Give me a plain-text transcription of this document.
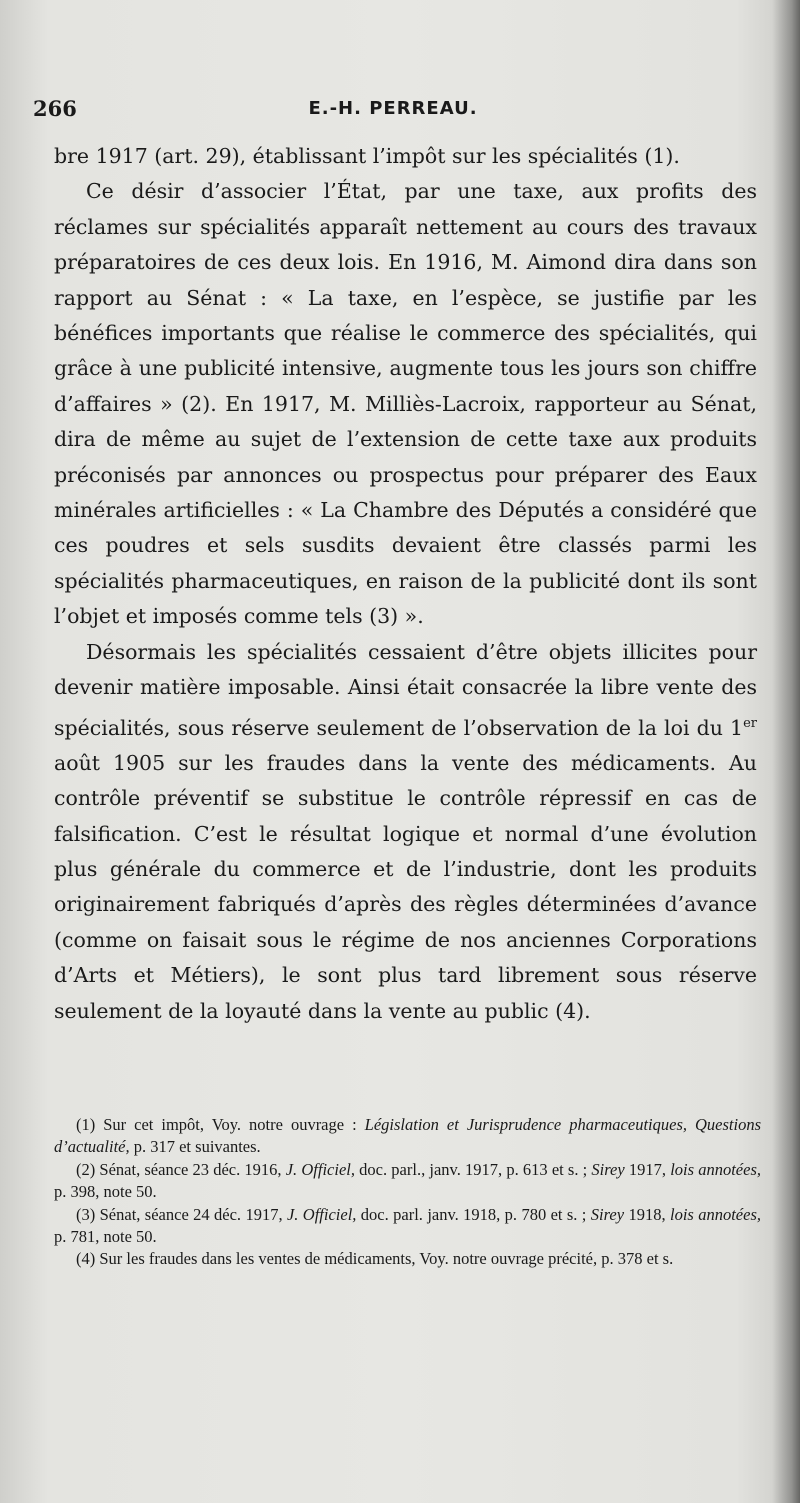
266	E.-H. PERREAU.

bre 1917 (art. 29), établissant l’impôt sur les spécialités (1).

Ce désir d’associer l’État, par une taxe, aux profits des réclames sur spécialités apparaît nettement au cours des travaux préparatoires de ces deux lois. En 1916, M. Aimond dira dans son rapport au Sénat : « La taxe, en l’espèce, se justifie par les bénéfices importants que réalise le commerce des spécialités, qui grâce à une publicité intensive, augmente tous les jours son chiffre d’affaires » (2). En 1917, M. Milliès-Lacroix, rapporteur au Sénat, dira de même au sujet de l’extension de cette taxe aux produits préconisés par annonces ou prospectus pour préparer des Eaux minérales artificielles : « La Chambre des Députés a considéré que ces poudres et sels susdits devaient être classés parmi les spécialités pharmaceutiques, en raison de la publicité dont ils sont l’objet et imposés comme tels (3) ».

Désormais les spécialités cessaient d’être objets illicites pour devenir matière imposable. Ainsi était consacrée la libre vente des spécialités, sous réserve seulement de l’observation de la loi du 1er août 1905 sur les fraudes dans la vente des médicaments. Au contrôle préventif se substitue le contrôle répressif en cas de falsification. C’est le résultat logique et normal d’une évolution plus générale du commerce et de l’industrie, dont les produits originairement fabriqués d’après des règles déterminées d’avance (comme on faisait sous le régime de nos anciennes Corporations d’Arts et Métiers), le sont plus tard librement sous réserve seulement de la loyauté dans la vente au public (4).

(1) Sur cet impôt, Voy. notre ouvrage : Législation et Jurisprudence pharmaceutiques, Questions d’actualité, p. 317 et suivantes.

(2) Sénat, séance 23 déc. 1916, J. Officiel, doc. parl., janv. 1917, p. 613 et s. ; Sirey 1917, lois annotées, p. 398, note 50.

(3) Sénat, séance 24 déc. 1917, J. Officiel, doc. parl. janv. 1918, p. 780 et s. ; Sirey 1918, lois annotées, p. 781, note 50.

(4) Sur les fraudes dans les ventes de médicaments, Voy. notre ouvrage précité, p. 378 et s.
